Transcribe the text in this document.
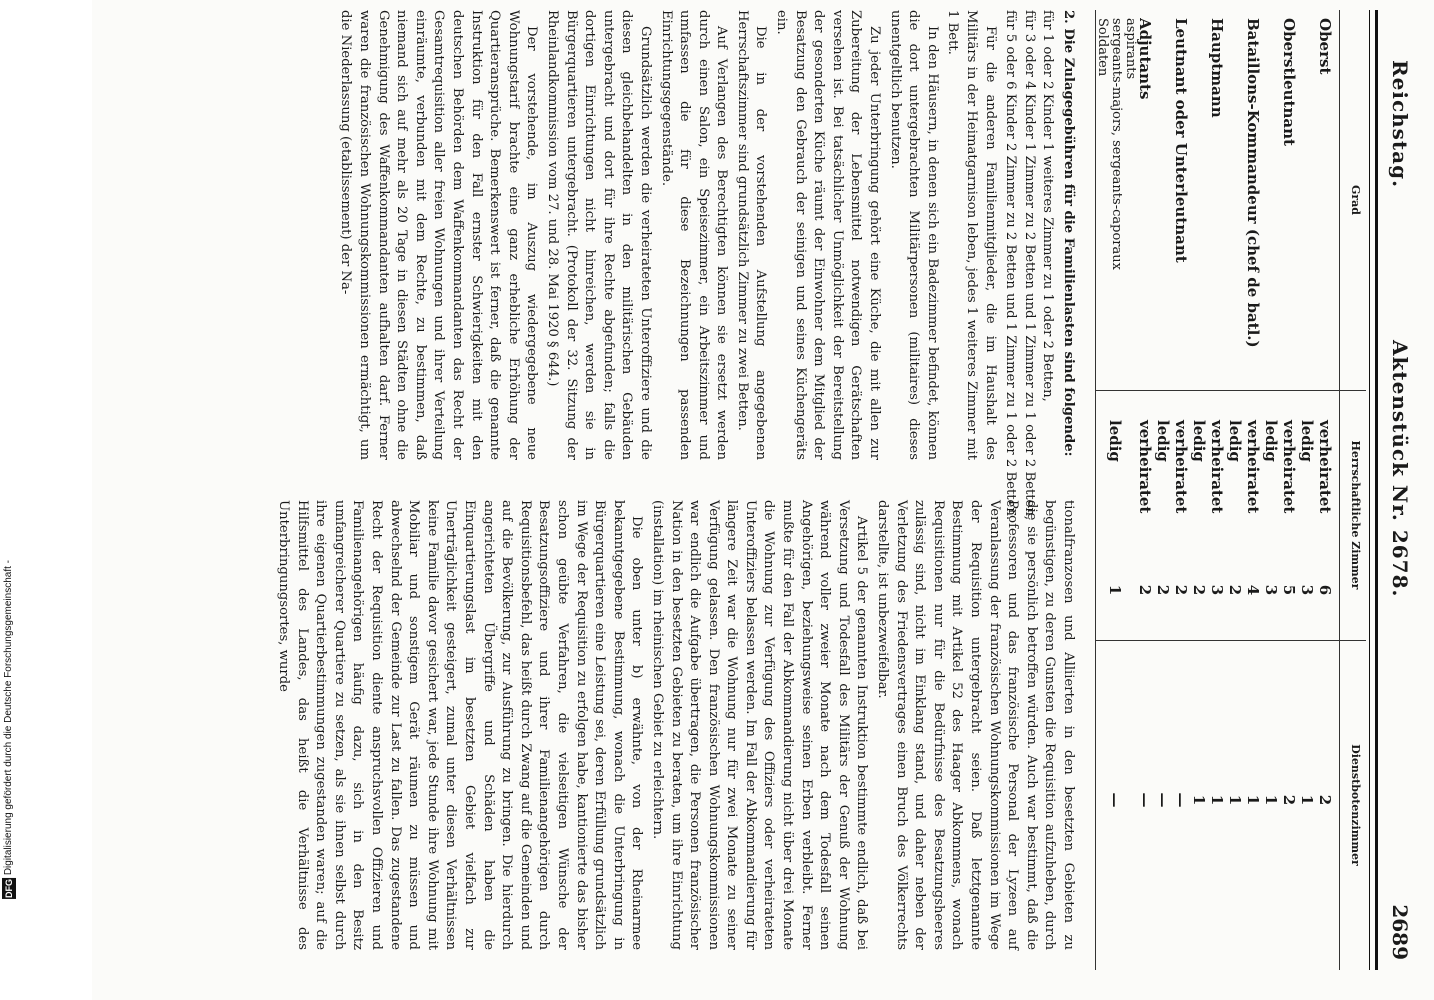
Reichstag.
Aktenstück Nr. 2678.
2689
Grad
Herrschaftliche Zimmer
Dienstbotenzimmer
Oberst
verheiratet
6
2
ledig
3
1
Oberstleutnant
verheiratet
5
2
ledig
3
1
Bataillons-Kommandeur (chef de batl.)
verheiratet
4
1
ledig
2
1
Hauptmann
verheiratet
3
1
ledig
2
1
Leutnant oder Unterleutnant
verheiratet
2
—
ledig
2
—
Adjutants
verheiratet
2
—
aspirants
sergeants-majors, sergeants-caporaux
ledig
1
—
Soldaten

2. Die Zulagegebühren für die Familienlasten sind folgende:

für 1 oder 2 Kinder 1 weiteres Zimmer zu 1 oder 2 Betten,
für 3 oder 4 Kinder 1 Zimmer zu 2 Betten und 1 Zimmer zu 1 oder 2 Betten,
für 5 oder 6 Kinder 2 Zimmer zu 2 Betten und 1 Zimmer zu 1 oder 2 Betten.

Für die anderen Familienmitglieder, die im Haushalt des Militärs in der Heimatgarnison leben, jedes 1 weiteres Zimmer mit 1 Bett.

In den Häusern, in denen sich ein Badezimmer befindet, können die dort untergebrachten Militärpersonen (militaires) dieses unentgeltlich benutzen.

Zu jeder Unterbringung gehört eine Küche, die mit allen zur Zubereitung der Lebensmittel notwendigen Gerätschaften versehen ist. Bei tatsächlicher Unmöglichkeit der Bereitstellung der gesonderten Küche räumt der Einwohner dem Mitglied der Besatzung den Gebrauch der seinigen und seines Küchengeräts ein.

Die in der vorstehenden Aufstellung angegebenen Herrschaftszimmer sind grundsätzlich Zimmer zu zwei Betten.

Auf Verlangen des Berechtigten können sie ersetzt werden durch einen Salon, ein Speisezimmer, ein Arbeitszimmer und umfassen die für diese Bezeichnungen passenden Einrichtungsgegenstände.

Grundsätzlich werden die verheirateten Unteroffiziere und die diesen gleichbehandelten in den militärischen Gebäuden untergebracht und dort für ihre Rechte abgefunden; falls die dortigen Einrichtungen nicht hinreichen, werden sie in Bürgerquartieren untergebracht. (Protokoll der 32. Sitzung der Rheinlandkommission vom 27. und 28. Mai 1920 § 644.)

Der vorstehende, im Auszug wiedergegebene neue Wohnungstarif brachte eine ganz erhebliche Erhöhung der Quartieransprüche. Bemerkenswert ist ferner, daß die genannte Instruktion für den Fall ernster Schwierigkeiten mit den deutschen Behörden dem Waffenkommandanten das Recht der Gesamtrequisition aller freien Wohnungen und ihrer Verteilung einräumte, verbunden mit dem Rechte, zu bestimmen, daß niemand sich auf mehr als 20 Tage in diesen Städten ohne die Genehmigung des Waffenkommandanten aufhalten darf. Ferner waren die französischen Wohnungskommissionen ermächtigt, um die Niederlassung (etablissement) der Na-

tionalfranzosen und Alliierten in den besetzten Gebieten zu begünstigen, zu deren Gunsten die Requisition aufzuheben, durch die sie persönlich betroffen würden. Auch war bestimmt, daß die Professoren und das französische Personal der Lyzeen auf Veranlassung der französischen Wohnungskommissionen im Wege der Requisition untergebracht seien. Daß letztgenannte Bestimmung mit Artikel 52 des Haager Abkommens, wonach Requisitionen nur für die Bedürfnisse des Besatzungsheeres zulässig sind, nicht im Einklang stand, und daher neben der Verletzung des Friedensvertrages einen Bruch des Völkerrechts darstellte, ist unbezweifelbar.

Artikel 5 der genannten Instruktion bestimmte endlich, daß bei Versetzung und Todesfall des Militärs der Genuß der Wohnung während voller zweier Monate nach dem Todesfall seinen Angehörigen, beziehungsweise seinen Erben verbleibt. Ferner mußte für den Fall der Abkommandierung nicht über drei Monate die Wohnung zur Verfügung des Offiziers oder verheirateten Unteroffiziers belassen werden. Im Fall der Abkommandierung für längere Zeit war die Wohnung nur für zwei Monate zu seiner Verfügung gelassen. Den französischen Wohnungskommissionen war endlich die Aufgabe übertragen, die Personen französischer Nation in den besetzten Gebieten zu beraten, um ihre Einrichtung (installation) im rheinischen Gebiet zu erleichtern.

Die oben unter b) erwähnte, von der Rheinarmee bekanntgegebene Bestimmung, wonach die Unterbringung in Bürgerquartieren eine Leistung sei, deren Erfüllung grundsätzlich im Wege der Requisition zu erfolgen habe, kantionierte das bisher schon geübte Verfahren, die vielseitigen Wünsche der Besatzungsoffiziere und ihrer Familienangehörigen durch Requisitionsbefehl, das heißt durch Zwang auf die Gemeinden und auf die Bevölkerung, zur Ausführung zu bringen. Die hierdurch angerichteten Übergriffe und Schäden haben die Einquartierungslast im besetzten Gebiet vielfach zur Unerträglichkeit gesteigert, zumal unter diesen Verhältnissen keine Familie davor gesichert war, jede Stunde ihre Wohnung mit Mobiliar und sonstigem Gerät räumen zu müssen und abwechselnd der Gemeinde zur Last zu fallen. Das zugestandene Recht der Requisition diente anspruchsvollen Offizieren und Familienangehörigen häufig dazu, sich in den Besitz umfangreicherer Quartiere zu setzen, als sie ihnen selbst durch ihre eigenen Quartierbestimmungen zugestanden waren; auf die Hilfsmittel des Landes, das heißt die Verhältnisse des Unterbringungsortes, wurde

DFG Digitalisierung gefördert durch die Deutsche Forschungsgemeinschaft -
